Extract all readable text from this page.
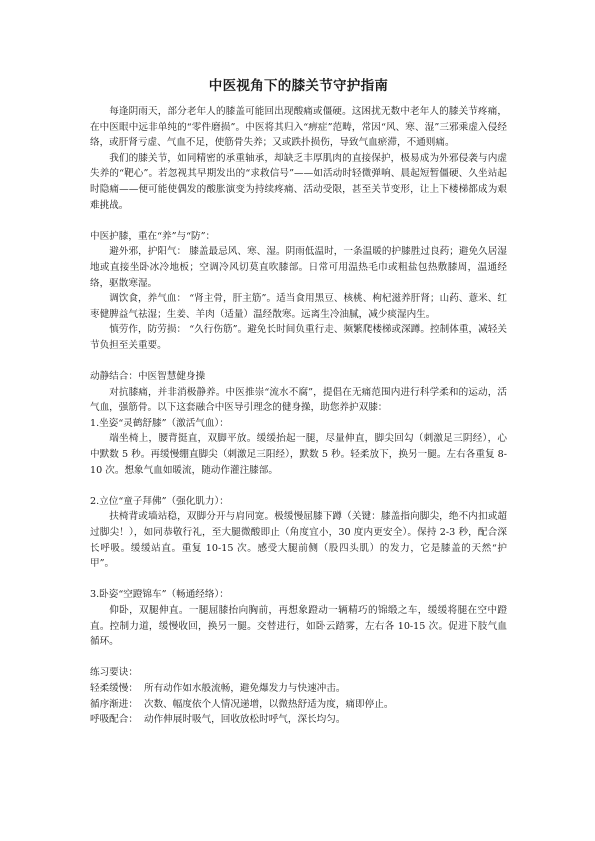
中医视角下的膝关节守护指南

每逢阴雨天，部分老年人的膝盖可能回出现酸痛或僵硬。这困扰无数中老年人的膝关节疼痛，在中医眼中远非单纯的“零件磨损”。中医将其归入“痹症”范畴，常因“风、寒、湿”三邪乘虚入侵经络，或肝肾亏虚、气血不足，使筋骨失养；又或跌扑损伤，导致气血瘀滞，不通则痛。

我们的膝关节，如同精密的承重轴承，却缺乏丰厚肌肉的直接保护，极易成为外邪侵袭与内虚失养的“靶心”。若忽视其早期发出的“求救信号”——如活动时轻微弹响、晨起短暂僵硬、久坐站起时隐痛——便可能使偶发的酸胀演变为持续疼痛、活动受限，甚至关节变形，让上下楼梯都成为艰难挑战。

中医护膝，重在“养”与“防”：

避外邪，护阳气： 膝盖最忌风、寒、湿。阴雨低温时，一条温暖的护膝胜过良药；避免久居湿地或直接坐卧冰冷地板；空调冷风切莫直吹膝部。日常可用温热毛巾或粗盐包热敷膝周，温通经络，驱散寒湿。

调饮食，养气血： “肾主骨，肝主筋”。适当食用黑豆、核桃、枸杞滋养肝肾；山药、薏米、红枣健脾益气祛湿；生姜、羊肉（适量）温经散寒。远离生冷油腻，减少痰湿内生。

慎劳作，防劳损： “久行伤筋”。避免长时间负重行走、频繁爬楼梯或深蹲。控制体重，减轻关节负担至关重要。

动静结合：中医智慧健身操

对抗膝痛，并非消极静养。中医推崇“流水不腐”，提倡在无痛范围内进行科学柔和的运动，活气血，强筋骨。以下这套融合中医导引理念的健身操，助您养护双膝：

1.坐姿“灵鹤舒膝”（激活气血）：

端坐椅上，腰背挺直，双脚平放。缓缓抬起一腿，尽量伸直，脚尖回勾（刺激足三阴经），心中默数 5 秒。再缓慢绷直脚尖（刺激足三阳经），默数 5 秒。轻柔放下，换另一腿。左右各重复 8-10 次。想象气血如暖流，随动作灌注膝部。

2.立位“童子拜佛”（强化肌力）：

扶椅背或墙站稳，双脚分开与肩同宽。极缓慢屈膝下蹲（关键：膝盖指向脚尖，绝不内扣或超过脚尖！），如同恭敬行礼，至大腿微酸即止（角度宜小，30 度内更安全）。保持 2-3 秒，配合深长呼吸。缓缓站直。重复 10-15 次。感受大腿前侧（股四头肌）的发力，它是膝盖的天然“护甲”。

3.卧姿“空蹬锦车”（畅通经络）：

仰卧，双腿伸直。一腿屈膝抬向胸前，再想象蹬动一辆精巧的锦缎之车，缓缓将腿在空中蹬直。控制力道，缓慢收回，换另一腿。交替进行，如卧云踏雾，左右各 10-15 次。促进下肢气血循环。

练习要诀：

轻柔缓慢： 所有动作如水般流畅，避免爆发力与快速冲击。

循序渐进： 次数、幅度依个人情况递增，以微热舒适为度，痛即停止。

呼吸配合： 动作伸展时吸气，回收放松时呼气，深长均匀。
